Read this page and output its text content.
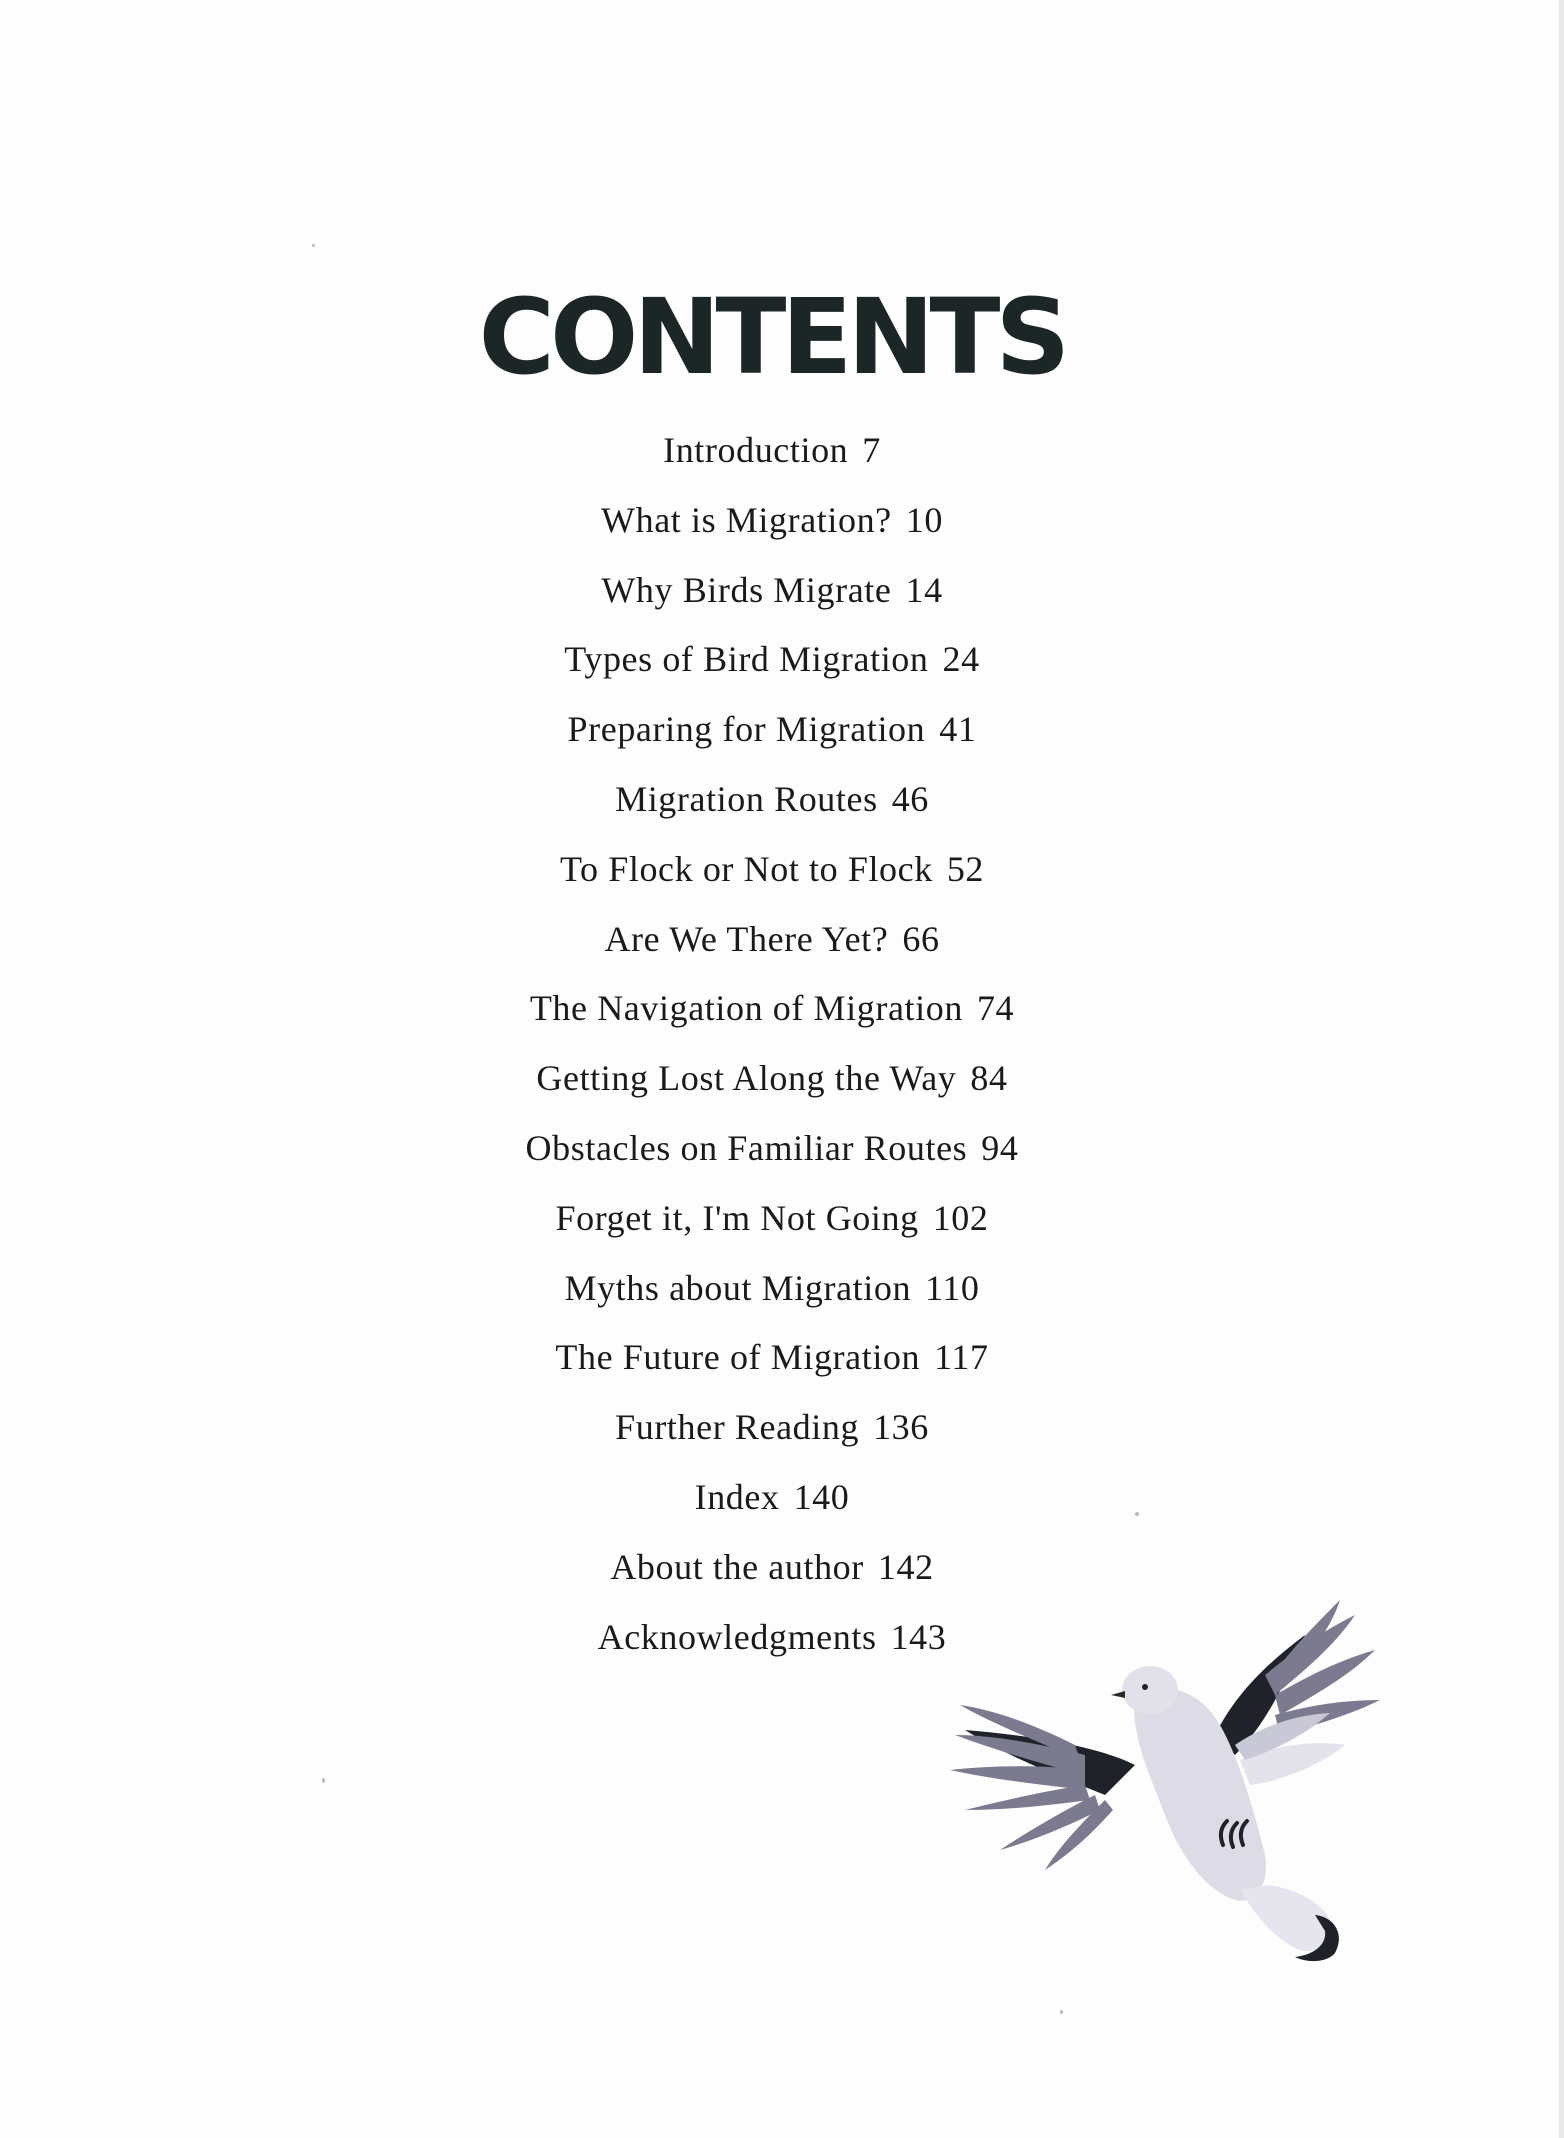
CONTENTS
Introduction 7
What is Migration? 10
Why Birds Migrate 14
Types of Bird Migration 24
Preparing for Migration 41
Migration Routes 46
To Flock or Not to Flock 52
Are We There Yet? 66
The Navigation of Migration 74
Getting Lost Along the Way 84
Obstacles on Familiar Routes 94
Forget it, I'm Not Going 102
Myths about Migration 110
The Future of Migration 117
Further Reading 136
Index 140
About the author 142
Acknowledgments 143
